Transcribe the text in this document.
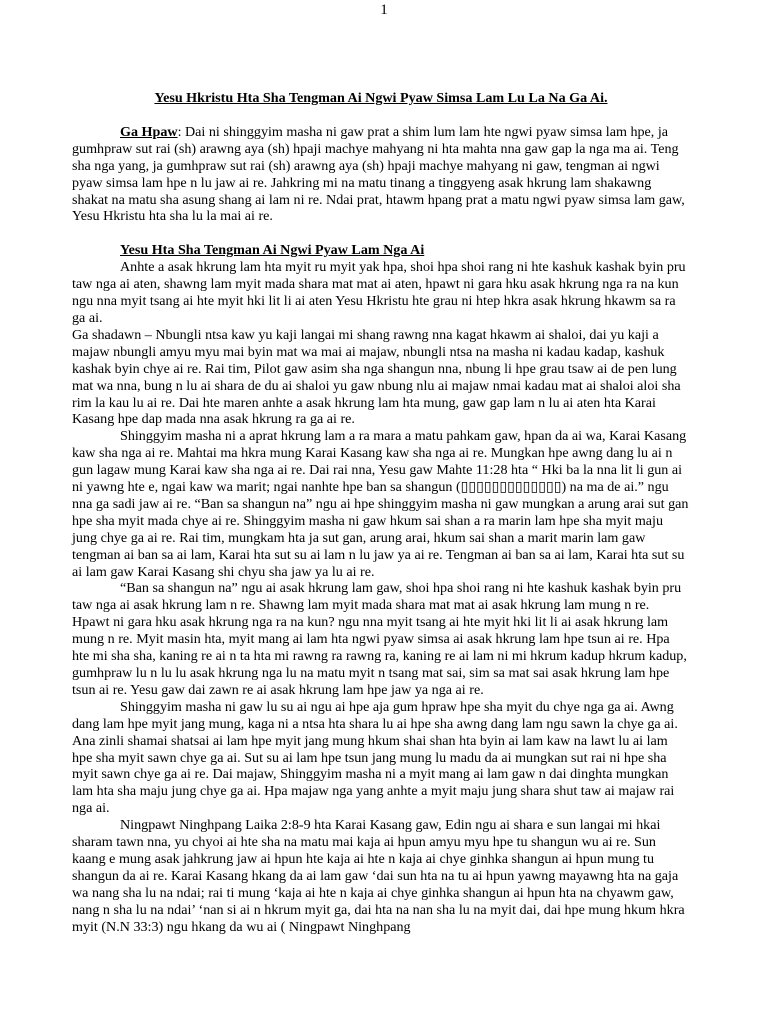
1

Yesu Hkristu Hta Sha Tengman Ai Ngwi Pyaw Simsa Lam Lu La Na Ga Ai.

Ga Hpaw: Dai ni shinggyim masha ni gaw prat a shim lum lam hte ngwi pyaw simsa lam hpe, ja gumhpraw sut rai (sh) arawng aya (sh) hpaji machye mahyang ni hta mahta nna gaw gap la nga ma ai. Teng sha nga yang, ja gumhpraw sut rai (sh) arawng aya (sh) hpaji machye mahyang ni gaw, tengman ai ngwi pyaw simsa lam hpe n lu jaw ai re. Jahkring mi na matu tinang a tinggyeng asak hkrung lam shakawng shakat na matu sha asung shang ai lam ni re. Ndai prat, htawm hpang prat a matu ngwi pyaw simsa lam gaw, Yesu Hkristu hta sha lu la mai ai re.

Yesu Hta Sha Tengman Ai Ngwi Pyaw Lam Nga Ai

Anhte a asak hkrung lam hta myit ru myit yak hpa, shoi hpa shoi rang ni hte kashuk kashak byin pru taw nga ai aten, shawng lam myit mada shara mat mat ai aten, hpawt ni gara hku asak hkrung nga ra na kun ngu nna myit tsang ai hte myit hki lit li ai aten Yesu Hkristu hte grau ni htep hkra asak hkrung hkawm sa ra ga ai.

Ga shadawn – Nbungli ntsa kaw yu kaji langai mi shang rawng nna kagat hkawm ai shaloi, dai yu kaji a majaw nbungli amyu myu mai byin mat wa mai ai majaw, nbungli ntsa na masha ni kadau kadap, kashuk kashak byin chye ai re. Rai tim, Pilot gaw asim sha nga shangun nna, nbung li hpe grau tsaw ai de pen lung mat wa nna, bung n lu ai shara de du ai shaloi yu gaw nbung nlu ai majaw nmai kadau mat ai shaloi aloi sha rim la kau lu ai re. Dai hte maren anhte a asak hkrung lam hta mung, gaw gap lam n lu ai aten hta Karai Kasang hpe dap mada nna asak hkrung ra ga ai re.

Shinggyim masha ni a aprat hkrung lam a ra mara a matu pahkam gaw, hpan da ai wa, Karai Kasang kaw sha nga ai re. Mahtai ma hkra mung Karai Kasang kaw sha nga ai re. Mungkan hpe awng dang lu ai n gun lagaw mung Karai kaw sha nga ai re. Dai rai nna, Yesu gaw Mahte 11:28 hta “ Hki ba la nna lit li gun ai ni yawng hte e, ngai kaw wa marit; ngai nanhte hpe ban sa shangun (▯▯▯▯▯▯▯▯▯▯▯▯▯) na ma de ai.” ngu nna ga sadi jaw ai re. “Ban sa shangun na” ngu ai hpe shinggyim masha ni gaw mungkan a arung arai sut gan hpe sha myit mada chye ai re. Shinggyim masha ni gaw hkum sai shan a ra marin lam hpe sha myit maju jung chye ga ai re. Rai tim, mungkam hta ja sut gan, arung arai, hkum sai shan a marit marin lam gaw tengman ai ban sa ai lam, Karai hta sut su ai lam n lu jaw ya ai re. Tengman ai ban sa ai lam, Karai hta sut su ai lam gaw Karai Kasang shi chyu sha jaw ya lu ai re.

“Ban sa shangun na” ngu ai asak hkrung lam gaw, shoi hpa shoi rang ni hte kashuk kashak byin pru taw nga ai asak hkrung lam n re. Shawng lam myit mada shara mat mat ai asak hkrung lam mung n re. Hpawt ni gara hku asak hkrung nga ra na kun? ngu nna myit tsang ai hte myit hki lit li ai asak hkrung lam mung n re. Myit masin hta, myit mang ai lam hta ngwi pyaw simsa ai asak hkrung lam hpe tsun ai re. Hpa hte mi sha sha, kaning re ai n ta hta mi rawng ra rawng ra, kaning re ai lam ni mi hkrum kadup hkrum kadup, gumhpraw lu n lu lu asak hkrung nga lu na matu myit n tsang mat sai, sim sa mat sai asak hkrung lam hpe tsun ai re. Yesu gaw dai zawn re ai asak hkrung lam hpe jaw ya nga ai re.

Shinggyim masha ni gaw lu su ai ngu ai hpe aja gum hpraw hpe sha myit du chye nga ga ai. Awng dang lam hpe myit jang mung, kaga ni a ntsa hta shara lu ai hpe sha awng dang lam ngu sawn la chye ga ai. Ana zinli shamai shatsai ai lam hpe myit jang mung hkum shai shan hta byin ai lam kaw na lawt lu ai lam hpe sha myit sawn chye ga ai. Sut su ai lam hpe tsun jang mung lu madu da ai mungkan sut rai ni hpe sha myit sawn chye ga ai re. Dai majaw, Shinggyim masha ni a myit mang ai lam gaw n dai dinghta mungkan lam hta sha maju jung chye ga ai. Hpa majaw nga yang anhte a myit maju jung shara shut taw ai majaw rai nga ai.

Ningpawt Ninghpang Laika 2:8-9 hta Karai Kasang gaw, Edin ngu ai shara e sun langai mi hkai sharam tawn nna, yu chyoi ai hte sha na matu mai kaja ai hpun amyu myu hpe tu shangun wu ai re. Sun kaang e mung asak jahkrung jaw ai hpun hte kaja ai hte n kaja ai chye ginhka shangun ai hpun mung tu shangun da ai re. Karai Kasang hkang da ai lam gaw ‘dai sun hta na tu ai hpun yawng mayawng hta na gaja wa nang sha lu na ndai; rai ti mung ‘kaja ai hte n kaja ai chye ginhka shangun ai hpun hta na chyawm gaw, nang n sha lu na ndai’ ‘nan si ai n hkrum myit ga, dai hta na nan sha lu na myit dai, dai hpe mung hkum hkra myit (N.N 33:3) ngu hkang da wu ai ( Ningpawt Ninghpang
